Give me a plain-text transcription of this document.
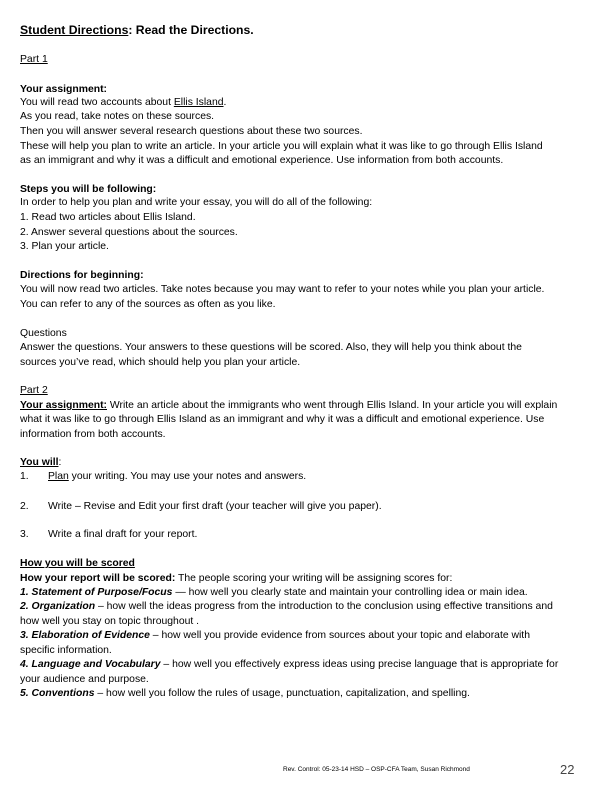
Student Directions: Read the Directions.
Part 1
Your assignment:
You will read two accounts about Ellis Island.
As you read, take notes on these sources.
Then you will answer several research questions about these two sources.
These will help you plan to write an article. In your article you will explain what it was like to go through Ellis Island
as an immigrant and why it was a difficult and emotional experience. Use information from both accounts.
Steps you will be following:
In order to help you plan and write your essay, you will do all of the following:
1. Read two articles about Ellis Island.
2. Answer several questions about the sources.
3. Plan your article.
Directions for beginning:
You will now read two articles. Take notes because you may want to refer to your notes while you plan your article.
You can refer to any of the sources as often as you like.
Questions
Answer the questions. Your answers to these questions will be scored. Also, they will help you think about the
sources you’ve read, which should help you plan your article.
Part 2
Your assignment: Write an article about the immigrants who went through Ellis Island. In your article you will explain
what it was like to go through Ellis Island as an immigrant and why it was a difficult and emotional experience. Use
information from both accounts.
You will:
1. Plan your writing. You may use your notes and answers.
2. Write – Revise and Edit your first draft (your teacher will give you paper).
3. Write a final draft for your report.
How you will be scored
How your report will be scored: The people scoring your writing will be assigning scores for:
1. Statement of Purpose/Focus — how well you clearly state and maintain your controlling idea or main idea.
2. Organization – how well the ideas progress from the introduction to the conclusion using effective transitions and
how well you stay on topic throughout .
3. Elaboration of Evidence – how well you provide evidence from sources about your topic and elaborate with
specific information.
4. Language and Vocabulary – how well you effectively express ideas using precise language that is appropriate for
your audience and purpose.
5. Conventions – how well you follow the rules of usage, punctuation, capitalization, and spelling.
Rev. Control: 05-23-14 HSD – OSP-CFA Team, Susan Richmond	22
